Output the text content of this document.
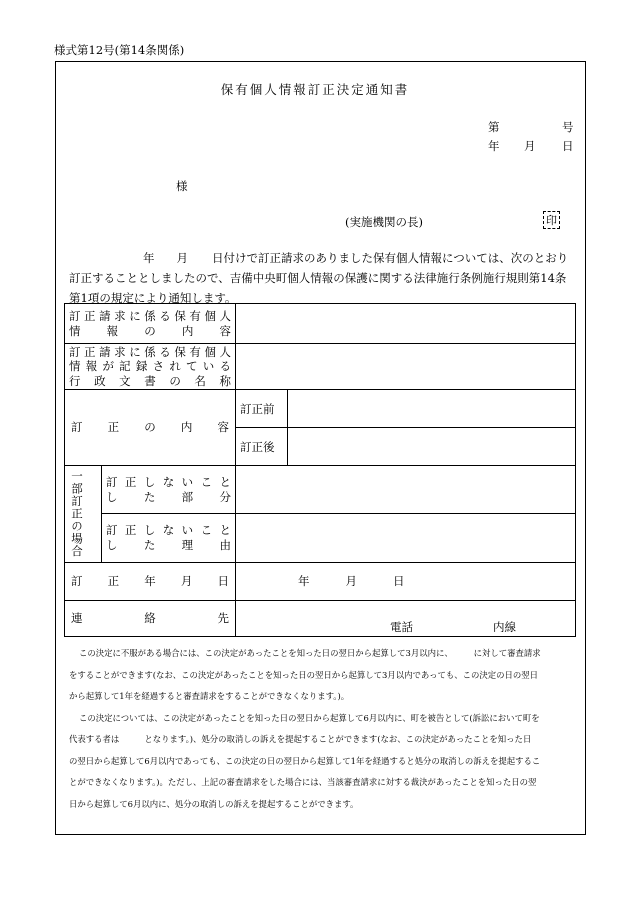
様式第12号(第14条関係)
保有個人情報訂正決定通知書
第	号
年 月 日
様
(実施機関の長)	印
年 月 日付けで訂正請求のありました保有個人情報については、次のとおり
訂正することとしましたので、吉備中央町個人情報の保護に関する法律施行条例施行規則第14条
第1項の規定により通知します。
訂正請求に係る保有個人
情報の内容			

訂正請求に係る保有個人
情報が記録されている
行政文書の名称			

訂正の内容		訂正前	
		訂正後	

一部訂正の場合	訂正しないこと
した部分		

	訂正しないこと
した理由		

訂正年月日		年 月 日	

連絡先		電話 内線	
この決定に不服がある場合には、この決定があったことを知った日の翌日から起算して3月以内に、　　　に対して審査請求
をすることができます(なお、この決定があったことを知った日の翌日から起算して3月以内であっても、この決定の日の翌日
から起算して1年を経過すると審査請求をすることができなくなります。)。
この決定については、この決定があったことを知った日の翌日から起算して6月以内に、町を被告として(訴訟において町を
代表する者は　　　となります。)、処分の取消しの訴えを提起することができます(なお、この決定があったことを知った日
の翌日から起算して6月以内であっても、この決定の日の翌日から起算して1年を経過すると処分の取消しの訴えを提起するこ
とができなくなります。)。ただし、上記の審査請求をした場合には、当該審査請求に対する裁決があったことを知った日の翌
日から起算して6月以内に、処分の取消しの訴えを提起することができます。
